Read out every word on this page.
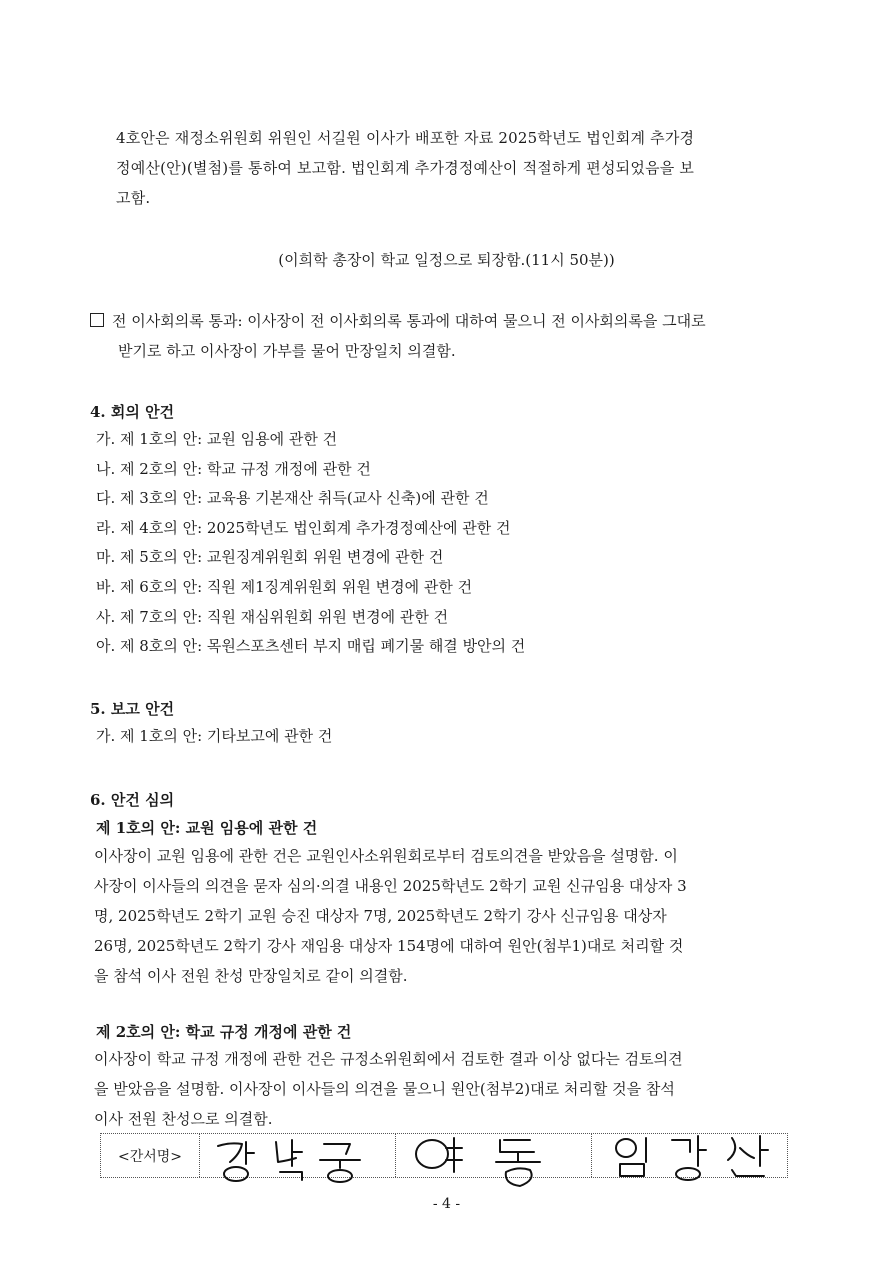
4호안은 재정소위원회 위원인 서길원 이사가 배포한 자료 2025학년도 법인회계 추가경
정예산(안)(별첨)를 통하여 보고함. 법인회계 추가경정예산이 적절하게 편성되었음을 보
고함.
(이희학 총장이 학교 일정으로 퇴장함.(11시 50분))
전 이사회의록 통과: 이사장이 전 이사회의록 통과에 대하여 물으니 전 이사회의록을 그대로
받기로 하고 이사장이 가부를 물어 만장일치 의결함.
4. 회의 안건
가. 제 1호의 안: 교원 임용에 관한 건
나. 제 2호의 안: 학교 규정 개정에 관한 건
다. 제 3호의 안: 교육용 기본재산 취득(교사 신축)에 관한 건
라. 제 4호의 안: 2025학년도 법인회계 추가경정예산에 관한 건
마. 제 5호의 안: 교원징계위원회 위원 변경에 관한 건
바. 제 6호의 안: 직원 제1징계위원회 위원 변경에 관한 건
사. 제 7호의 안: 직원 재심위원회 위원 변경에 관한 건
아. 제 8호의 안: 목원스포츠센터 부지 매립 폐기물 해결 방안의 건
5. 보고 안건
가. 제 1호의 안: 기타보고에 관한 건
6. 안건 심의
제 1호의 안: 교원 임용에 관한 건
이사장이 교원 임용에 관한 건은 교원인사소위원회로부터 검토의견을 받았음을 설명함. 이
사장이 이사들의 의견을 묻자 심의·의결 내용인 2025학년도 2학기 교원 신규임용 대상자 3
명, 2025학년도 2학기 교원 승진 대상자 7명, 2025학년도 2학기 강사 신규임용 대상자
26명, 2025학년도 2학기 강사 재임용 대상자 154명에 대하여 원안(첨부1)대로 처리할 것
을 참석 이사 전원 찬성 만장일치로 같이 의결함.
제 2호의 안: 학교 규정 개정에 관한 건
이사장이 학교 규정 개정에 관한 건은 규정소위원회에서 검토한 결과 이상 없다는 검토의견
을 받았음을 설명함. 이사장이 이사들의 의견을 물으니 원안(첨부2)대로 처리할 것을 참석
이사 전원 찬성으로 의결함.
<간서명>
- 4 -
